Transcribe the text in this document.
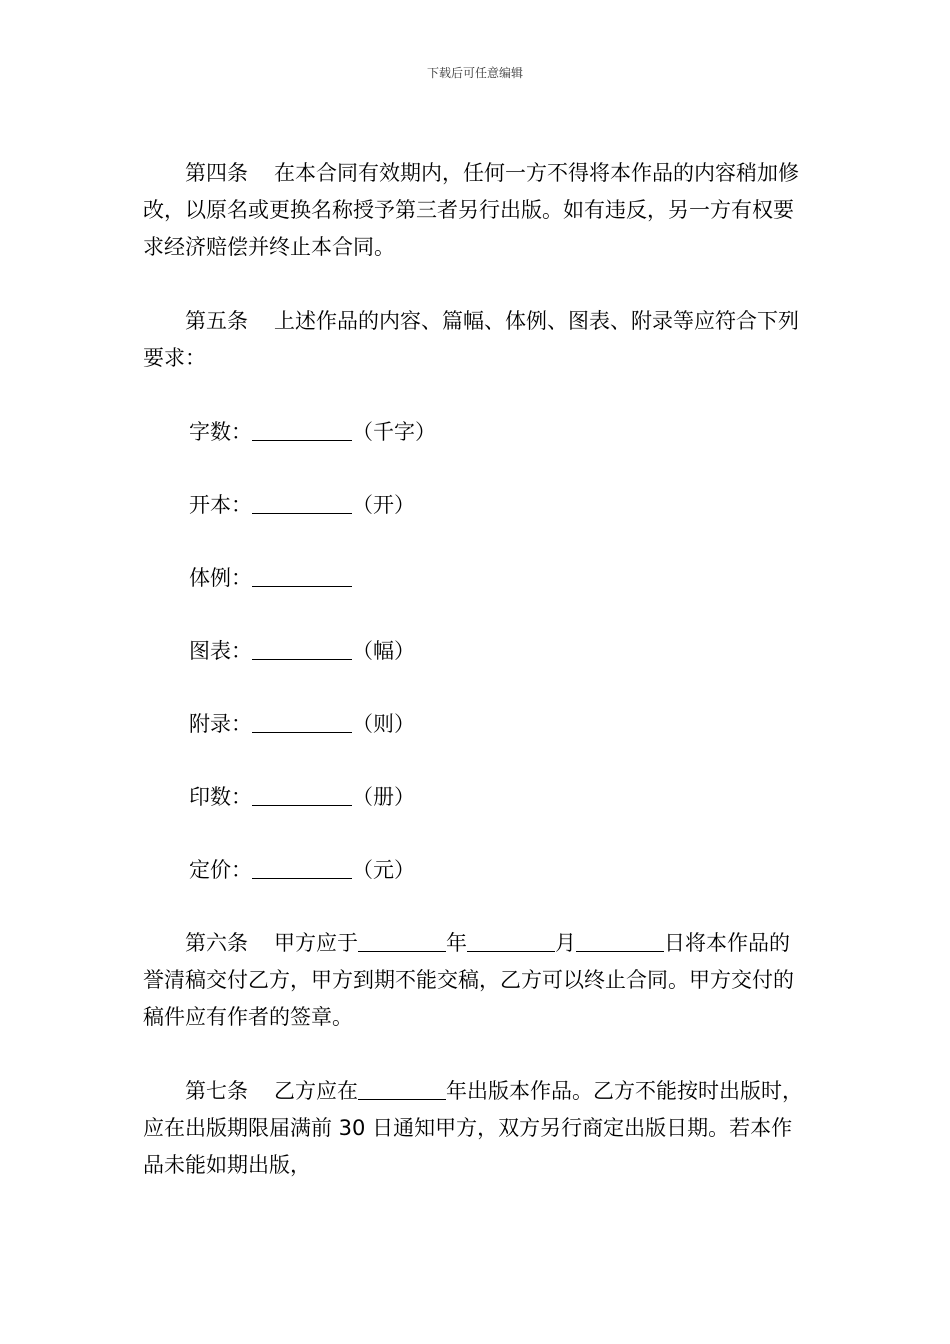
下载后可任意编辑

第四条 在本合同有效期内，任何一方不得将本作品的内容稍加修改，以原名或更换名称授予第三者另行出版。如有违反，另一方有权要求经济赔偿并终止本合同。

第五条 上述作品的内容、篇幅、体例、图表、附录等应符合下列要求：

字数：	（千字）

开本：	（开）

体例：

图表：	（幅）

附录：	（则）

印数：	（册）

定价：	（元）

第六条 甲方应于	年	月	日将本作品的誉清稿交付乙方，甲方到期不能交稿，乙方可以终止合同。甲方交付的稿件应有作者的签章。

第七条 乙方应在	年出版本作品。乙方不能按时出版时，应在出版期限届满前 30 日通知甲方，双方另行商定出版日期。若本作品未能如期出版，
